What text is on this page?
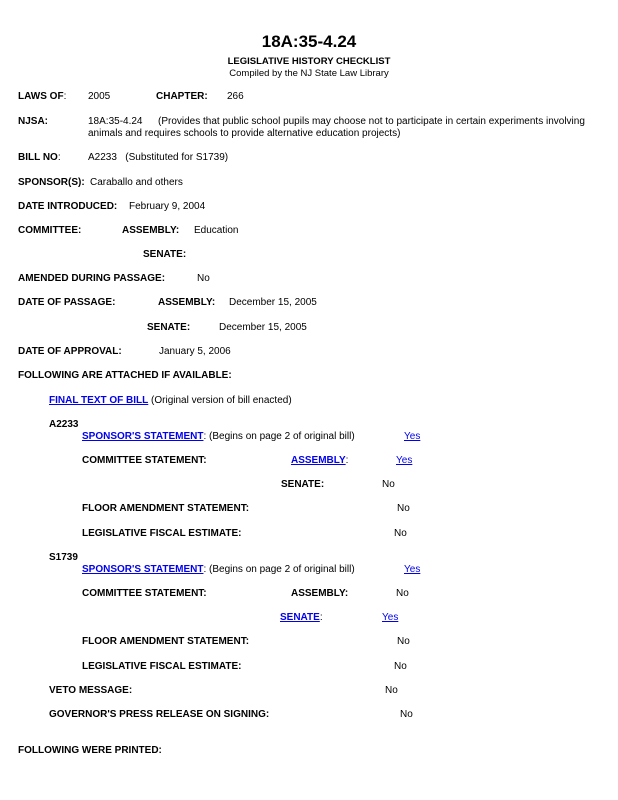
18A:35-4.24
LEGISLATIVE HISTORY CHECKLIST
Compiled by the NJ State Law Library
LAWS OF: 2005	CHAPTER: 266
NJSA:	18A:35-4.24 (Provides that public school pupils may choose not to participate in certain experiments involving
animals and requires schools to provide alternative education projects)
BILL NO:	A2233   (Substituted for S1739)
SPONSOR(S): Caraballo and others
DATE INTRODUCED: February 9, 2004
COMMITTEE:	ASSEMBLY: Education
SENATE:
AMENDED DURING PASSAGE:	No
DATE OF PASSAGE:	ASSEMBLY: December 15, 2005
SENATE:	December 15, 2005
DATE OF APPROVAL:	January 5, 2006
FOLLOWING ARE ATTACHED IF AVAILABLE:
FINAL TEXT OF BILL (Original version of bill enacted)
A2233
SPONSOR'S STATEMENT: (Begins on page 2 of original bill)	Yes
COMMITTEE STATEMENT:	ASSEMBLY:	Yes
SENATE:	No
FLOOR AMENDMENT STATEMENT:	No
LEGISLATIVE FISCAL ESTIMATE:	No
S1739
SPONSOR'S STATEMENT: (Begins on page 2 of original bill)	Yes
COMMITTEE STATEMENT:	ASSEMBLY:	No
SENATE:	Yes
FLOOR AMENDMENT STATEMENT:	No
LEGISLATIVE FISCAL ESTIMATE:	No
VETO MESSAGE:	No
GOVERNOR'S PRESS RELEASE ON SIGNING:	No
FOLLOWING WERE PRINTED:
